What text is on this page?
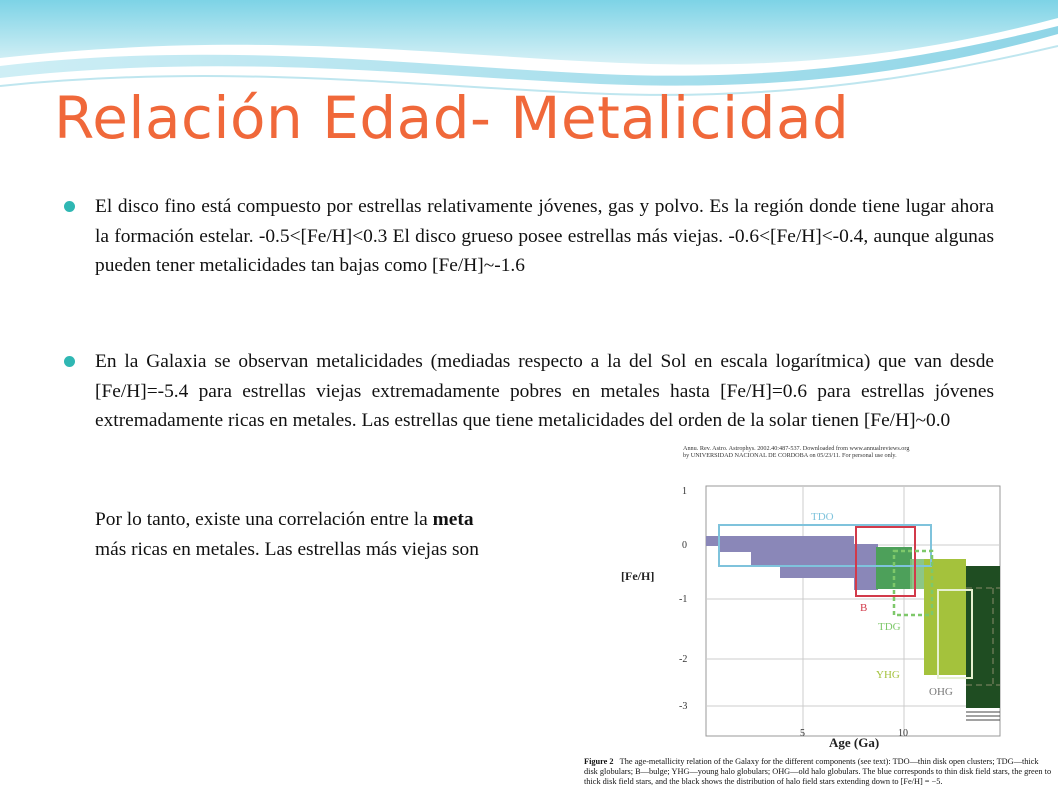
Relación Edad- Metalicidad
El disco fino está compuesto por estrellas relativamente jóvenes, gas y polvo. Es la región donde tiene lugar ahora la formación estelar. -0.5<[Fe/H]<0.3 El disco grueso posee estrellas más viejas. -0.6<[Fe/H]<-0.4, aunque algunas pueden tener metalicidades tan bajas como [Fe/H]~-1.6
En la Galaxia se observan metalicidades (mediadas respecto a la del Sol en escala logarítmica) que van desde [Fe/H]=-5.4 para estrellas viejas extremadamente pobres en metales hasta [Fe/H]=0.6 para estrellas jóvenes extremadamente ricas en metales. Las estrellas que tiene metalicidades del orden de la solar tienen [Fe/H]~0.0
Por lo tanto, existe una correlación entre la meta
más ricas en metales. Las estrellas más viejas son
Annu. Rev. Astro. Astrophys. 2002.40:487-537. Downloaded from www.annualreviews.org
by UNIVERSIDAD NACIONAL DE CORDOBA on 05/23/11. For personal use only.
TDO
B
TDG
YHG
OHG
1
0
-1
-2
-3
[Fe/H]
5	10
Age (Ga)
Figure 2 The age-metallicity relation of the Galaxy for the different components (see text): TDO—thin disk open clusters; TDG—thick disk globulars; B—bulge; YHG—young halo globulars; OHG—old halo globulars. The blue corresponds to thin disk field stars, the green to thick disk field stars, and the black shows the distribution of halo field stars extending down to [Fe/H] = −5.
